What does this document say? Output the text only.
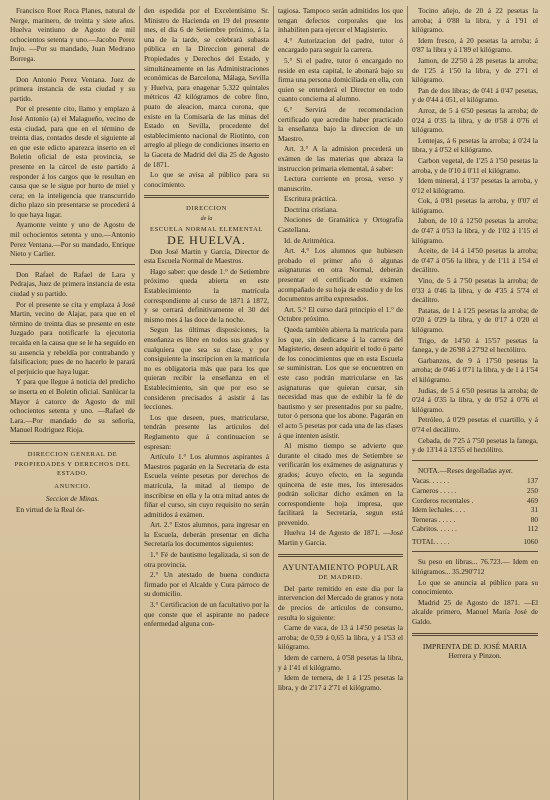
Francisco Roer Roca Planes, natural de Nerge, marinero, de treinta y siete años. Huelva veintiuno de Agosto de mil ochocientos setenta y uno.—Jacobo Perez Irujo. —Por su mandado, Juan Medrano Borrega.

Don Antonio Perez Ventana. Juez de primera instancia de esta ciudad y su partido.

Por el presente cito, llamo y emplazo á José Antonio (a) el Malagueño, vecino de esta ciudad, para que en el término de treinta dias, contados desde el siguiente al en que este edicto aparezca inserto en el Boletin oficial de esta provincia, se presente en la cárcel de este partido á responder á los cargos que le resultan en causa que se le sigue por hurto de miel y cera; en la inteligencia que transcurrido dicho plazo sin presentarse se procederá á lo que haya lugar.

Ayamonte veinte y uno de Agosto de mil ochocientos setenta y uno.—Antonio Perez Ventana.—Por su mandado, Enrique Nieto y Carlier.

Don Rafael de Rafael de Lara y Pedrajas, Juez de primera instancia de esta ciudad y su partido.

Por el presente se cita y emplaza á José Martin, vecino de Alajar, para que en el término de treinta dias se presente en este Juzgado para notificarle la ejecutoria recaida en la causa que se le ha seguido en su ausencia y rebeldía por contrabando y falsificacion; pues de no hacerlo le parará el perjuicio que haya lugar.

Y para que llegue á noticia del predicho se inserta en el Boletin oficial. Sanlúcar la Mayor á catorce de Agosto de mil ochocientos setenta y uno. —Rafael de Lara.—Por mandado de su señoría, Manuel Rodriguez Rioja.

DIRECCION GENERAL DE PROPIEDADES Y DERECHOS DEL ESTADO.

ANUNCIO.

Seccion de Minas.

En virtud de la Real ór-

den espedida por el Excelentísimo Sr. Ministro de Hacienda en 19 del presente mes, el dia 6 de Setiembre próximo, á la una de la tarde, se celebrará subasta pública en la Direccion general de Propiedades y Derechos del Estado, y simultáneamente en las Administraciones económicas de Barcelona, Málaga, Sevilla y Huelva, para enagenar 5.322 quintales métricos 42 kilógramos de cobre fino, puato de aleacion, marca corona, que existe en la Comisaría de las minas del Estado en Sevilla, procedente del establecimiento nacional de Riotinto, con arreglo al pliego de condiciones inserto en la Gaceta de Madrid del dia 25 de Agosto de 1871.

Lo que se avisa al público para su conocimiento.

DIRECCION

de la

ESCUELA NORMAL ELEMENTAL

DE HUELVA.

Don José Martin y Garcia, Director de esta Escuela Normal de Maestros.

Hago saber: que desde 1.° de Setiembre próximo queda abierta en este Establecimiento la matrícula correspondiente al curso de 1871 á 1872, y se cerrará definitivamente el 30 del mismo mes á las doce de la noche.

Segun las últimas disposiciones, la enseñanza es libre en todos sus grados y cualquiera que sea su clase, y por consiguiente la inscripcion en la matrícula no es obligatoria más que para los que quieran recibir la enseñanza en el Establecimiento, sin que por eso se consideren precisados á asistir á las lecciones.

Los que deseen, pues, matricularse, tendrán presente las artículos del Reglamento que á continuacion se espresan:

Artículo 1.° Los alumnos aspirantes á Maestros pagarán en la Secretaría de esta Escuela veinte pesetas por derechos de matrícula, la mitad al tiempo de inscribirse en ella y la otra mitad antes de fiñar el curso, sin cuyo requisito no serán admitidos á exámen.

Art. 2.° Estos alumnos, para ingresar en la Escuela, deberán presentar en dicha Secretaría los documentos siguientes:

1.° Fé de bautismo legalizada, si son de otra provincia.

2.° Un atestado de buena conducta firmado por el Alcalde y Cura párroco de su domicilio.

3.° Certificacion de un facultativo por la que conste que el aspirante no padece enfermedad alguna con-

tagiosa. Tampoco serán admitidos los que tengan defectos corporales que los inhabiliten para ejercer el Magisterio.

4.° Autorizacion del padre, tutor ó encargado para seguir la carrera.

5.° Si el padre, tutor ó encargado no reside en esta capital, le abonará bajo su firma una persona domiciliada en ella, con quien se entenderá el Director en todo cuanto concierna al alumno.

6.° Servirá de recomendacion certificado que acredite haber practicado la enseñanza bajo la direccion de un Maestro.

Art. 3.° A la admision precederá un exámen de las materias que abraza la instruccion primaria elemental, á saber:

Lectura corriente en prosa, verso y manuscrito.

Escritura práctica.

Doctrina cristiana.

Nociones de Gramática y Ortografía Castellana.

Id. de Aritmética.

Art. 4.° Los alumnos que hubiesen probado el primer año ó algunas asignaturas en otra Normal, deberán presentar el certificado de exámen acompañado de su hoja de estudio y de los documentos arriba expresados.

Art. 5.° El curso dará principio el 1.° de Octubre próximo.

Queda también abierta la matrícula para los que, sin dedicarse á la carrera del Magisterio, deseen adquirir el todo ó parte de los conocimientos que en esta Escuela se suministran. Los que se encuentren en este caso podrán matricularse en las asignaturas que quieran cursar, sin necesidad mas que de exhibir la fé de bautismo y ser presentados por su padre, tutor ó persona que los abone. Pagarán en el acto 5 pesetas por cada una de las clases á que intenten asistir.

Al mismo tiempo se advierte que durante el citado mes de Setiembre se verificarán los exámenes de asignaturas y grados; ácuyo efecto, en la segunda quincena de este mes, los interesados podrán solicitar dicho exámen en la correspondiente hoja impresa, que facilitará la Secretaría, segun está prevenido.

Huelva 14 de Agosto de 1871. —José Martin y Garcia.

AYUNTAMIENTO POPULAR

DE MADRID.

Del parte remitido en este dia por la intervencion del Mercado de granos y nota de precios de artículos de consumo, resulta lo siguiente:

Carne de vaca, de 13 á 14'50 pesetas la arroba; de 0,59 á 0,65 la libra, y á 1'53 el kilógramo.

Idem de carnero, á 0'58 pesetas la libra, y á 1'41 el kilógramo.

Idem de ternera, de 1 á 1'25 pesetas la libra, y de 2'17 á 2'71 el kilógramo.

Tocino añejo, de 20 á 22 pesetas la arroba; á 0'88 la libra, y á 1'91 el kilógramo.

Idem fresco, á 20 pesetas la arroba; á 0'87 la libra y á 1'89 el kilógramo.

Jamon, de 22'50 á 28 pesetas la arroba; de 1'25 á 1'50 la libra, y de 2'71 el kilógramo.

Pan de dos libras; de 0'41 á 0'47 pesetas, y de 0'44 á 051, el kilógramo.

Arroz, de 5 á 6'50 pesetas la arroba; de 0'24 á 0'35 la libra, y de 0'58 á 0'76 el kilógramo.

Lentejas, á 6 pesetas la arroba; á 0'24 la libra, y á 0'52 el kilógramo.

Carbon vegetal, de 1'25 á 1'50 pesetas la arroba, y de 0'10 á 0'11 el kilógramo.

Idem mineral, á 1'37 pesetas la arroba, y 0'12 el kilógramo.

Cok, á 0'81 pesetas la arroba, y 0'07 el kilógramo.

Jabon, de 10 á 12'50 pesetas la arroba; de 0'47 á 0'53 la libra, y de 1'02 á 1'15 el kilógramo.

Aceite, de 14 á 14'50 pesetas la arroba; de 0'47 á 0'56 la libra, y de 1'11 á 1'54 el decálitro.

Vino, de 5 á 7'50 pesetas la arroba; de 0'33 á 0'46 la libra, y de 4'35 á 5'74 el decálitro.

Patatas, de 1 á 1'25 pesetas la arroba; de 0'20 á 0'29 la libra, y de 0'17 á 0'20 el kilógramo.

Trigo, de 14'50 á 15'57 pesetas la fanega, y de 26'98 á 27'92 el hectólitro.

Garbanzos, de 9 á 17'50 pesetas la arroba; de 0'46 á 0'71 la libra, y de 1 á 1'54 el kilógramo.

Judias, de 5 á 6'50 pesetas la arroba; de 0'24 á 0'35 la libra, y de 0'52 á 0'76 el kilógramo.

Petróleo, á 0'29 pesetas el cuartillo, y á 0'74 el decálitro.

Cebada, de 7'25 á 7'50 pesetas la fanega, y de 13'14 á 13'55 el hectólitro.

NOTA.—Reses degolladas ayer.

Vacas. . . . . .	137
Carneros . . . . .	250
Corderos recentales .	469
Idem lechales. . . .	31
Terneras . . . . .	80
Cabritos. . . . . .	112
TOTAL . . . .	1060

Su peso en libras... 76.723.— Idem en kilógramos... 35.290'712

Lo que se anuncia al público para su conocimiento.

Madrid 25 de Agosto de 1871. —El alcalde primero, Manuel María José de Galdo.

IMPRENTA DE D. JOSÉ MARIA Herrera y Pinzon.
